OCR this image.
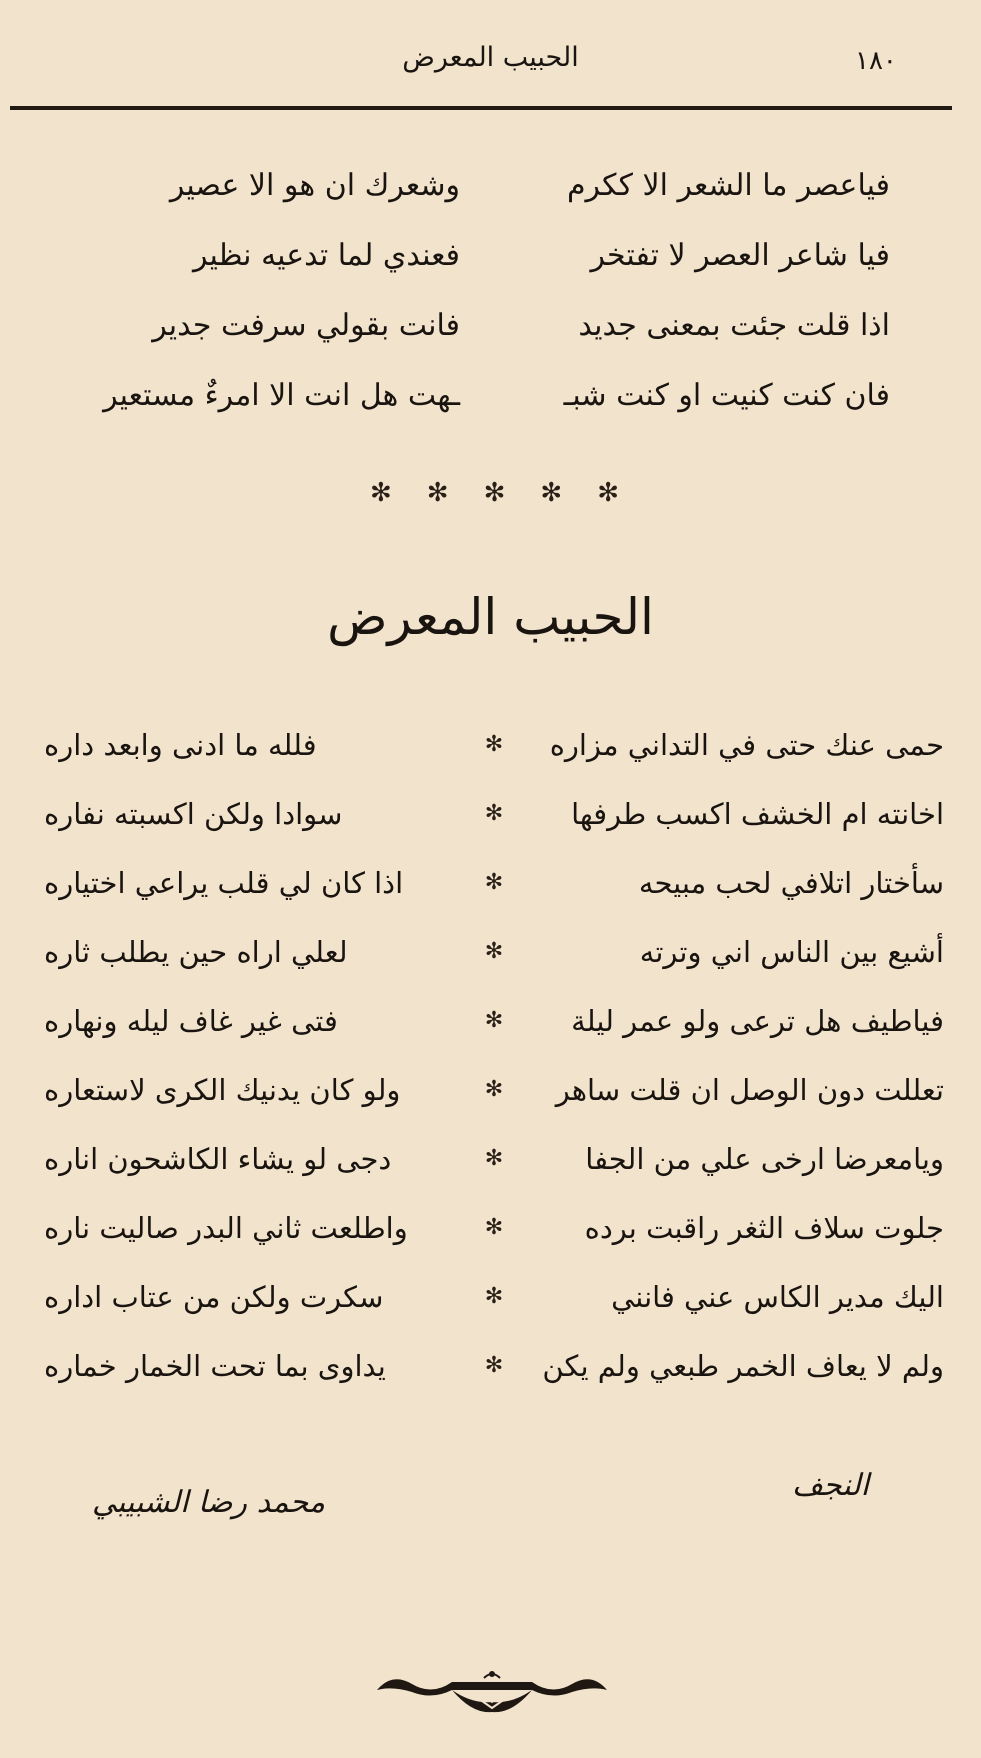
١٨٠
الحبيب المعرض
فياعصر ما الشعر الا ككرم
وشعرك ان هو الا عصير
فيا شاعر العصر لا تفتخر
فعندي لما تدعيه نظير
اذا قلت جئت بمعنى جديد
فانت بقولي سرفت جدير
فان كنت كنيت او كنت شبـ
ـهت هل انت الا امرءٌ مستعير
✻ ✻ ✻ ✻ ✻
الحبيب المعرض
حمى عنك حتى في التداني مزاره
✻
فلله ما ادنى وابعد داره
اخانته ام الخشف اكسب طرفها
✻
سوادا ولكن اكسبته نفاره
سأختار اتلافي لحب مبيحه
✻
اذا كان لي قلب يراعي اختياره
أشيع بين الناس اني وترته
✻
لعلي اراه حين يطلب ثاره
فياطيف هل ترعى ولو عمر ليلة
✻
فتى غير غاف ليله ونهاره
تعللت دون الوصل ان قلت ساهر
✻
ولو كان يدنيك الكرى لاستعاره
ويامعرضا ارخى علي من الجفا
✻
دجى لو يشاء الكاشحون اناره
جلوت سلاف الثغر راقبت برده
✻
واطلعت ثاني البدر صاليت ناره
اليك مدير الكاس عني فانني
✻
سكرت ولكن من عتاب اداره
ولم لا يعاف الخمر طبعي ولم يكن
✻
يداوى بما تحت الخمار خماره
النجف
محمد رضا الشبيبي
